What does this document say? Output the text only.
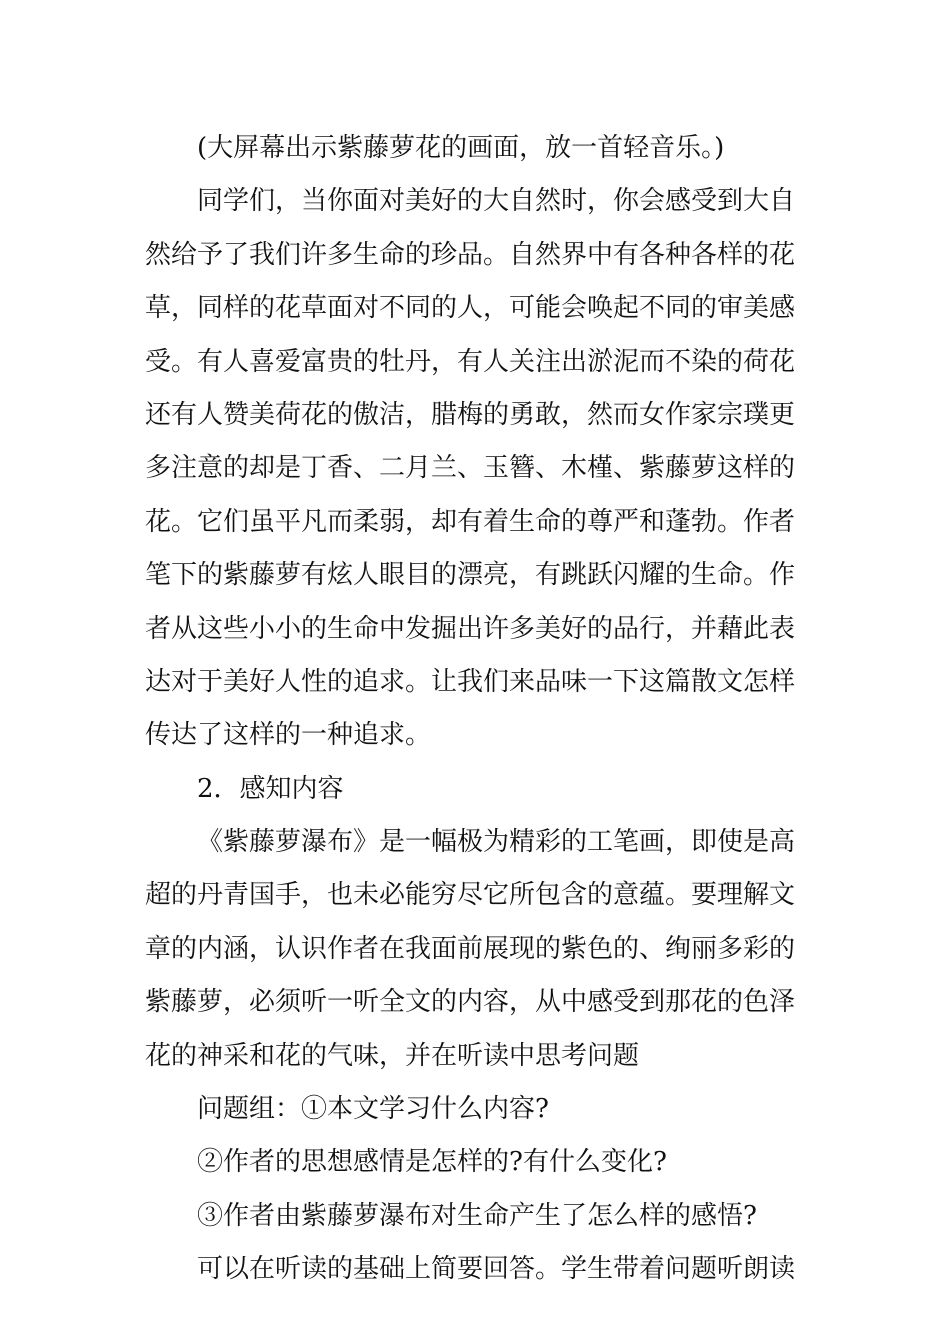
(大屏幕出示紫藤萝花的画面，放一首轻音乐。)
同学们，当你面对美好的大自然时，你会感受到大自
然给予了我们许多生命的珍品。自然界中有各种各样的花
草，同样的花草面对不同的人，可能会唤起不同的审美感
受。有人喜爱富贵的牡丹，有人关注出淤泥而不染的荷花
还有人赞美荷花的傲洁，腊梅的勇敢，然而女作家宗璞更
多注意的却是丁香、二月兰、玉簪、木槿、紫藤萝这样的
花。它们虽平凡而柔弱，却有着生命的尊严和蓬勃。作者
笔下的紫藤萝有炫人眼目的漂亮，有跳跃闪耀的生命。作
者从这些小小的生命中发掘出许多美好的品行，并藉此表
达对于美好人性的追求。让我们来品味一下这篇散文怎样
传达了这样的一种追求。
2．感知内容
《紫藤萝瀑布》是一幅极为精彩的工笔画，即使是高
超的丹青国手，也未必能穷尽它所包含的意蕴。要理解文
章的内涵，认识作者在我面前展现的紫色的、绚丽多彩的
紫藤萝，必须听一听全文的内容，从中感受到那花的色泽
花的神采和花的气味，并在听读中思考问题
问题组：①本文学习什么内容?
②作者的思想感情是怎样的?有什么变化?
③作者由紫藤萝瀑布对生命产生了怎么样的感悟?
可以在听读的基础上简要回答。学生带着问题听朗读
